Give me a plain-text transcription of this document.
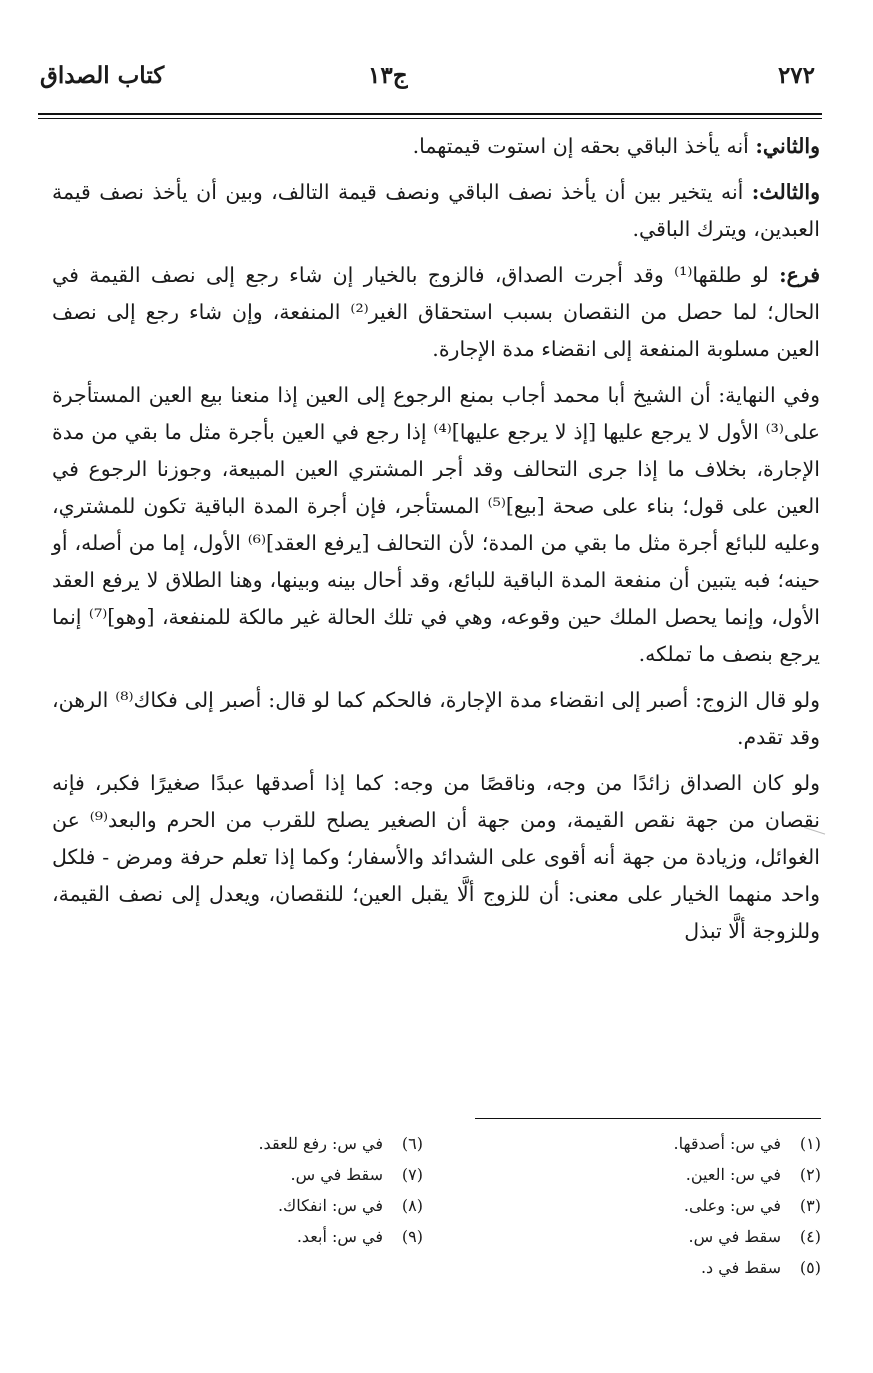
٢٧٢
ج١٣
كتاب الصداق

والثاني: أنه يأخذ الباقي بحقه إن استوت قيمتهما.

والثالث: أنه يتخير بين أن يأخذ نصف الباقي ونصف قيمة التالف، وبين أن يأخذ نصف قيمة العبدين، ويترك الباقي.

فرع: لو طلقها⁽¹⁾ وقد أجرت الصداق، فالزوج بالخيار إن شاء رجع إلى نصف القيمة في الحال؛ لما حصل من النقصان بسبب استحقاق الغير⁽²⁾ المنفعة، وإن شاء رجع إلى نصف العين مسلوبة المنفعة إلى انقضاء مدة الإجارة.

وفي النهاية: أن الشيخ أبا محمد أجاب بمنع الرجوع إلى العين إذا منعنا بيع العين المستأجرة على⁽³⁾ الأول لا يرجع عليها [إذ لا يرجع عليها]⁽⁴⁾ إذا رجع في العين بأجرة مثل ما بقي من مدة الإجارة، بخلاف ما إذا جرى التحالف وقد أجر المشتري العين المبيعة، وجوزنا الرجوع في العين على قول؛ بناء على صحة [بيع]⁽⁵⁾ المستأجر، فإن أجرة المدة الباقية تكون للمشتري، وعليه للبائع أجرة مثل ما بقي من المدة؛ لأن التحالف [يرفع العقد]⁽⁶⁾ الأول، إما من أصله، أو حينه؛ فبه يتبين أن منفعة المدة الباقية للبائع، وقد أحال بينه وبينها، وهنا الطلاق لا يرفع العقد الأول، وإنما يحصل الملك حين وقوعه، وهي في تلك الحالة غير مالكة للمنفعة، [وهو]⁽⁷⁾ إنما يرجع بنصف ما تملكه.

ولو قال الزوج: أصبر إلى انقضاء مدة الإجارة، فالحكم كما لو قال: أصبر إلى فكاك⁽⁸⁾ الرهن، وقد تقدم.

ولو كان الصداق زائدًا من وجه، وناقصًا من وجه: كما إذا أصدقها عبدًا صغيرًا فكبر، فإنه نقصان من جهة نقص القيمة، ومن جهة أن الصغير يصلح للقرب من الحرم والبعد⁽⁹⁾ عن الغوائل، وزيادة من جهة أنه أقوى على الشدائد والأسفار؛ وكما إذا تعلم حرفة ومرض - فلكل واحد منهما الخيار على معنى: أن للزوج ألَّا يقبل العين؛ للنقصان، ويعدل إلى نصف القيمة، وللزوجة ألَّا تبذل

(١)في س: أصدقها.
(٢)في س: العين.
(٣)في س: وعلى.
(٤)سقط في س.
(٥)سقط في د.
(٦)في س: رفع للعقد.
(٧)سقط في س.
(٨)في س: انفكاك.
(٩)في س: أبعد.
